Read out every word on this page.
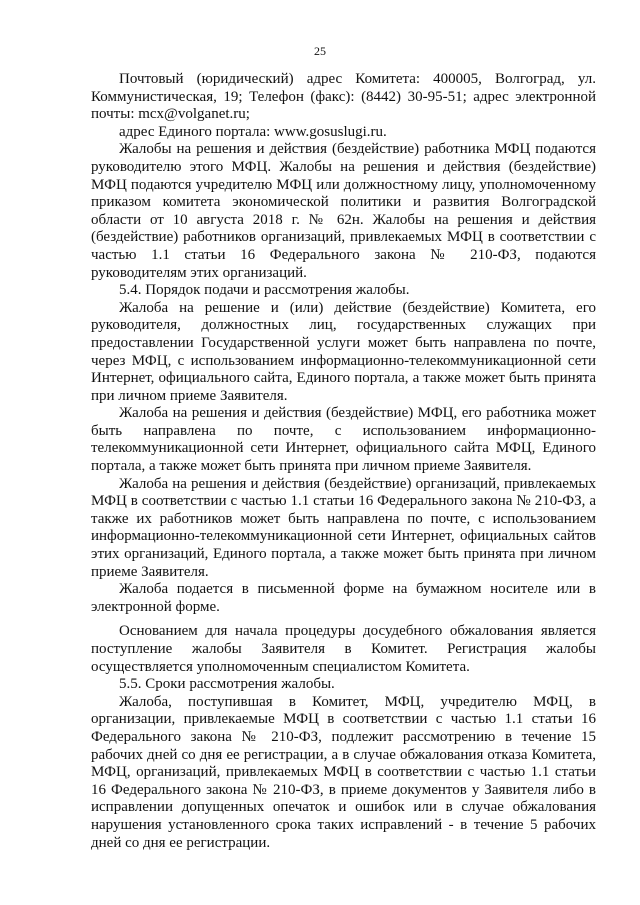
25

Почтовый (юридический) адрес Комитета: 400005, Волгоград, ул. Коммунистическая, 19; Телефон (факс): (8442) 30-95-51; адрес электронной почты: mcx@volganet.ru;

адрес Единого портала: www.gosuslugi.ru.

Жалобы на решения и действия (бездействие) работника МФЦ подаются руководителю этого МФЦ. Жалобы на решения и действия (бездействие) МФЦ подаются учредителю МФЦ или должностному лицу, уполномоченному приказом комитета экономической политики и развития Волгоградской области от 10 августа 2018 г. № 62н. Жалобы на решения и действия (бездействие) работников организаций, привлекаемых МФЦ в соответствии с частью 1.1 статьи 16 Федерального закона № 210-ФЗ, подаются руководителям этих организаций.

5.4. Порядок подачи и рассмотрения жалобы.

Жалоба на решение и (или) действие (бездействие) Комитета, его руководителя, должностных лиц, государственных служащих при предоставлении Государственной услуги может быть направлена по почте, через МФЦ, с использованием информационно-телекоммуникационной сети Интернет, официального сайта, Единого портала, а также может быть принята при личном приеме Заявителя.

Жалоба на решения и действия (бездействие) МФЦ, его работника может быть направлена по почте, с использованием информационно-телекоммуникационной сети Интернет, официального сайта МФЦ, Единого портала, а также может быть принята при личном приеме Заявителя.

Жалоба на решения и действия (бездействие) организаций, привлекаемых МФЦ в соответствии с частью 1.1 статьи 16 Федерального закона № 210-ФЗ, а также их работников может быть направлена по почте, с использованием информационно-телекоммуникационной сети Интернет, официальных сайтов этих организаций, Единого портала, а также может быть принята при личном приеме Заявителя.

Жалоба подается в письменной форме на бумажном носителе или в электронной форме.

Основанием для начала процедуры досудебного обжалования является поступление жалобы Заявителя в Комитет. Регистрация жалобы осуществляется уполномоченным специалистом Комитета.

5.5. Сроки рассмотрения жалобы.

Жалоба, поступившая в Комитет, МФЦ, учредителю МФЦ, в организации, привлекаемые МФЦ в соответствии с частью 1.1 статьи 16 Федерального закона № 210-ФЗ, подлежит рассмотрению в течение 15 рабочих дней со дня ее регистрации, а в случае обжалования отказа Комитета, МФЦ, организаций, привлекаемых МФЦ в соответствии с частью 1.1 статьи 16 Федерального закона № 210-ФЗ, в приеме документов у Заявителя либо в исправлении допущенных опечаток и ошибок или в случае обжалования нарушения установленного срока таких исправлений - в течение 5 рабочих дней со дня ее регистрации.
